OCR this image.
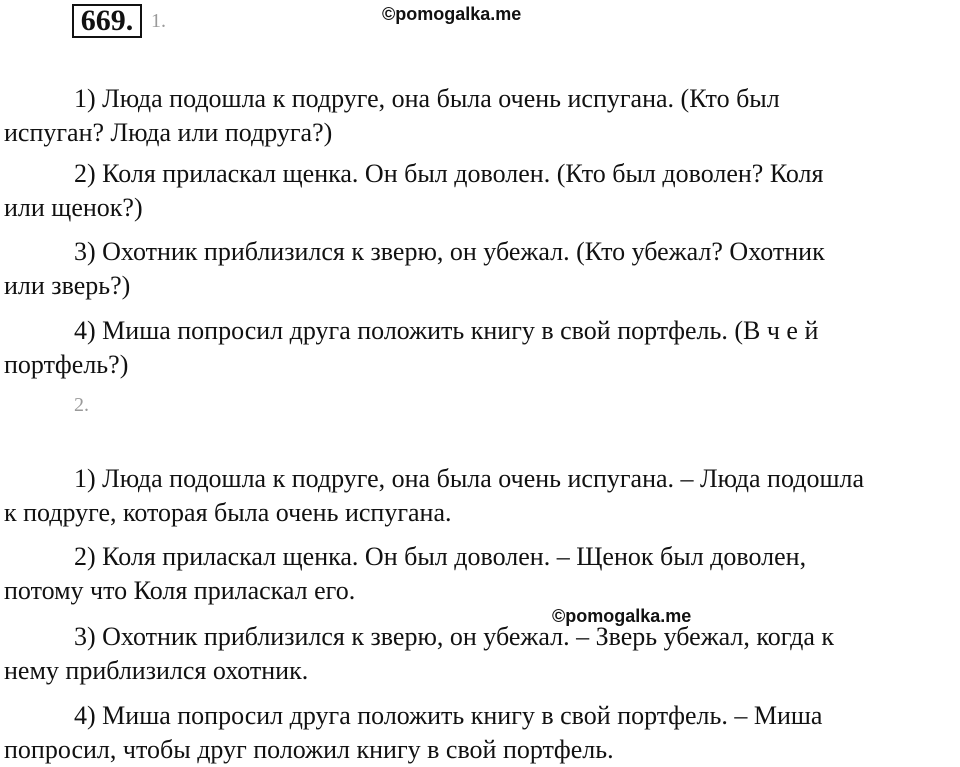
669. 1.	©pomogalka.me

1) Люда подошла к подруге, она была очень испугана. (Кто был
испуган? Люда или подруга?)

2) Коля приласкал щенка. Он был доволен. (Кто был доволен? Коля
или щенок?)

3) Охотник приблизился к зверю, он убежал. (Кто убежал? Охотник
или зверь?)

4) Миша попросил друга положить книгу в свой портфель. (В ч е й
портфель?)

2.

1) Люда подошла к подруге, она была очень испугана. – Люда подошла
к подруге, которая была очень испугана.

2) Коля приласкал щенка. Он был доволен. – Щенок был доволен,
потому что Коля приласкал его.

©pomogalka.me

3) Охотник приблизился к зверю, он убежал. – Зверь убежал, когда к
нему приблизился охотник.

4) Миша попросил друга положить книгу в свой портфель. – Миша
попросил, чтобы друг положил книгу в свой портфель.
